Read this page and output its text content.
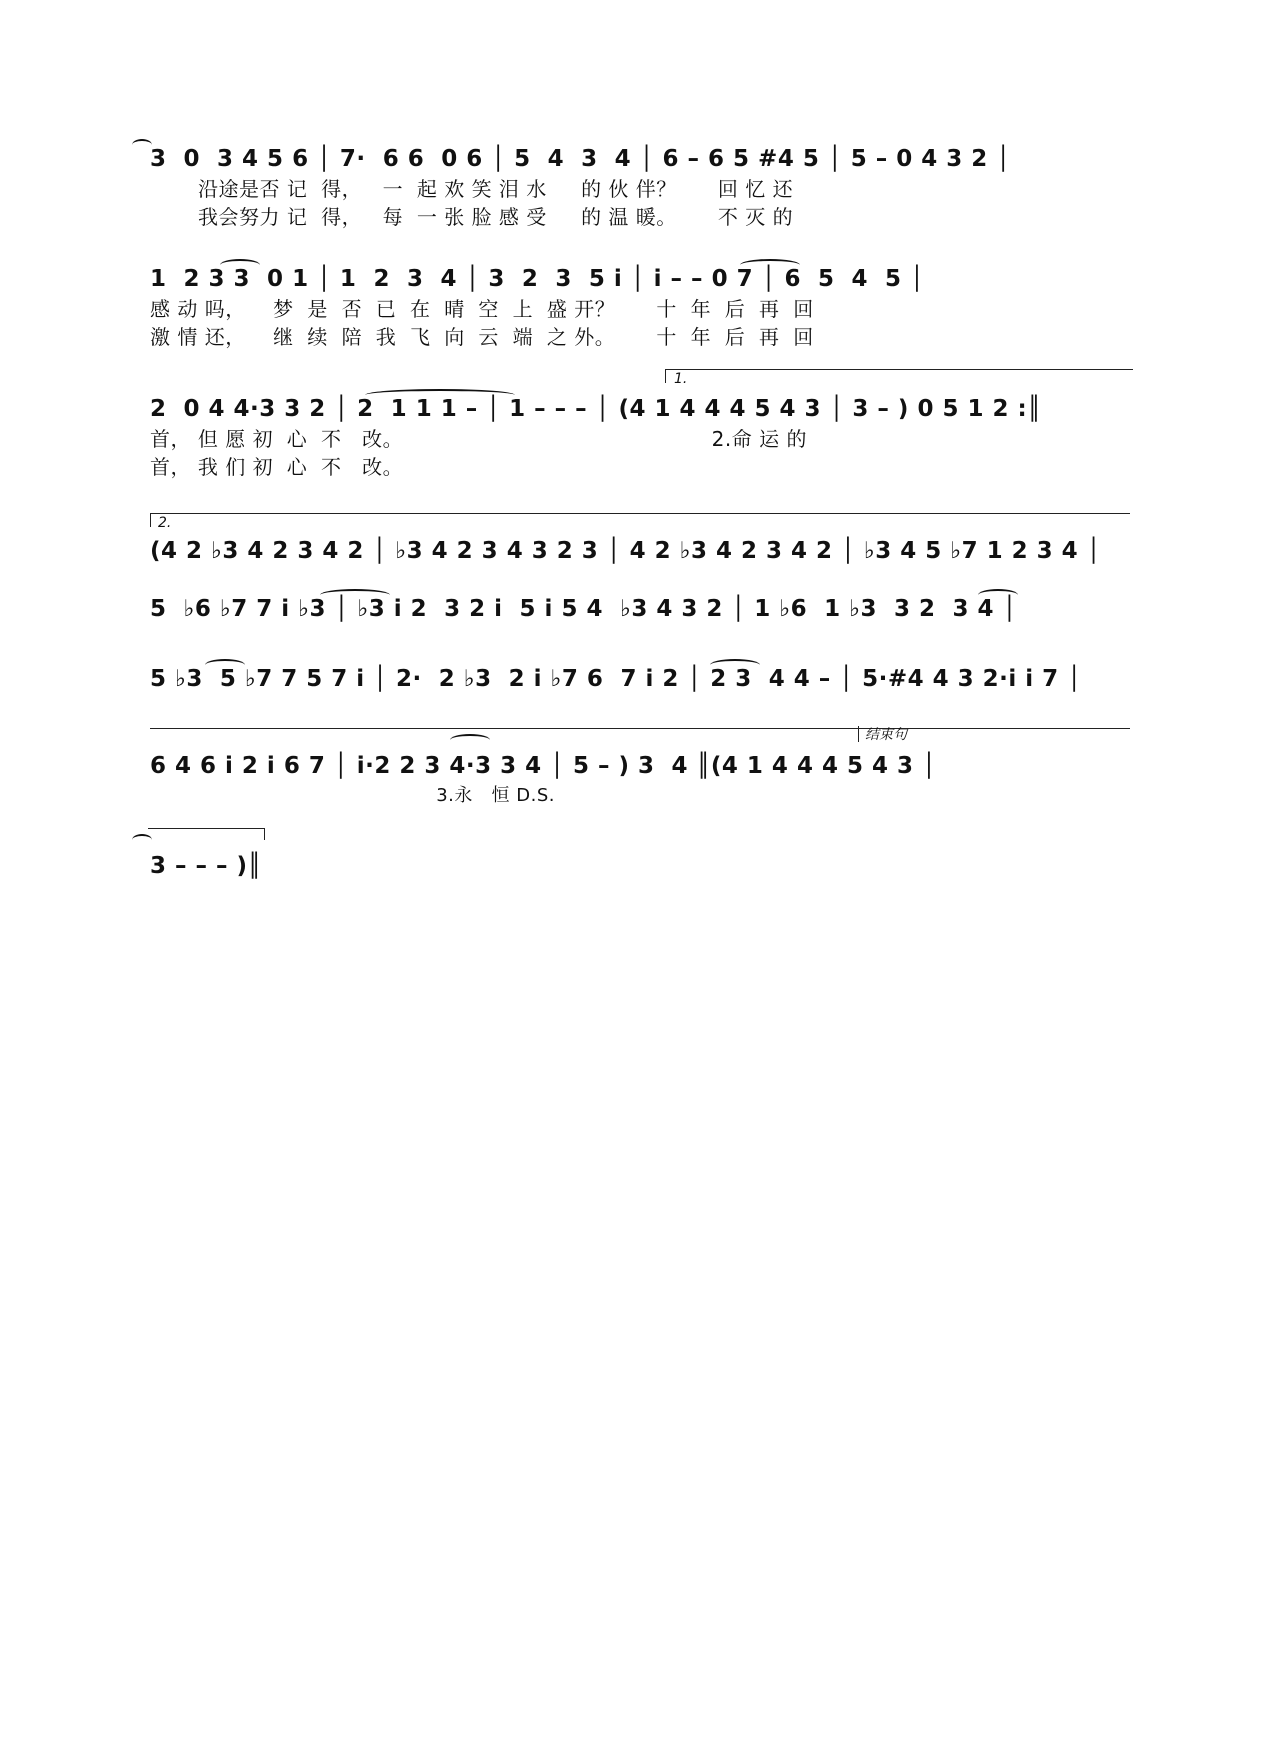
3  0  3 4 5 6 │ 7·  6 6  0 6 │ 5  4  3  4 │ 6 – 6 5 #4 5 │ 5 – 0 4 3 2 │
沿途是否 记  得，   一  起 欢 笑 泪 水     的 伙 伴？      回 忆 还
我会努力 记  得，   每  一 张 脸 感 受     的 温 暖。      不 灭 的
1  2 3 3  0 1 │ 1  2  3  4 │ 3  2  3  5 i │ i – – 0 7 │ 6  5  4  5 │
感 动 吗，    梦  是  否  已  在  晴  空  上  盛 开？      十  年  后  再  回
激 情 还，    继  续  陪  我  飞  向  云  端  之 外。      十  年  后  再  回
1.
2  0 4 4·3 3 2 │ 2  1 1 1 – │ 1 – – – │ (4 1 4 4 4 5 4 3 │ 3 – ) 0 5 1 2 :║
首， 但 愿 初  心  不   改。                                             2.命 运 的
首， 我 们 初  心  不   改。
2.
(4 2 ♭3 4 2 3 4 2 │ ♭3 4 2 3 4 3 2 3 │ 4 2 ♭3 4 2 3 4 2 │ ♭3 4 5 ♭7 1 2 3 4 │
5  ♭6 ♭7 7 i ♭3 │ ♭3 i 2  3 2 i  5 i 5 4  ♭3 4 3 2 │ 1 ♭6  1 ♭3  3 2  3 4 │
5 ♭3  5 ♭7 7 5 7 i │ 2·  2 ♭3  2 i ♭7 6  7 i 2 │ 2 3  4 4 – │ 5·#4 4 3 2·i i 7 │
结束句
6 4 6 i 2 i 6 7 │ i·2 2 3 4·3 3 4 │ 5 – ) 3  4 ║(4 1 4 4 4 5 4 3 │
3.永   恒 D.S.
3 – – – )║
